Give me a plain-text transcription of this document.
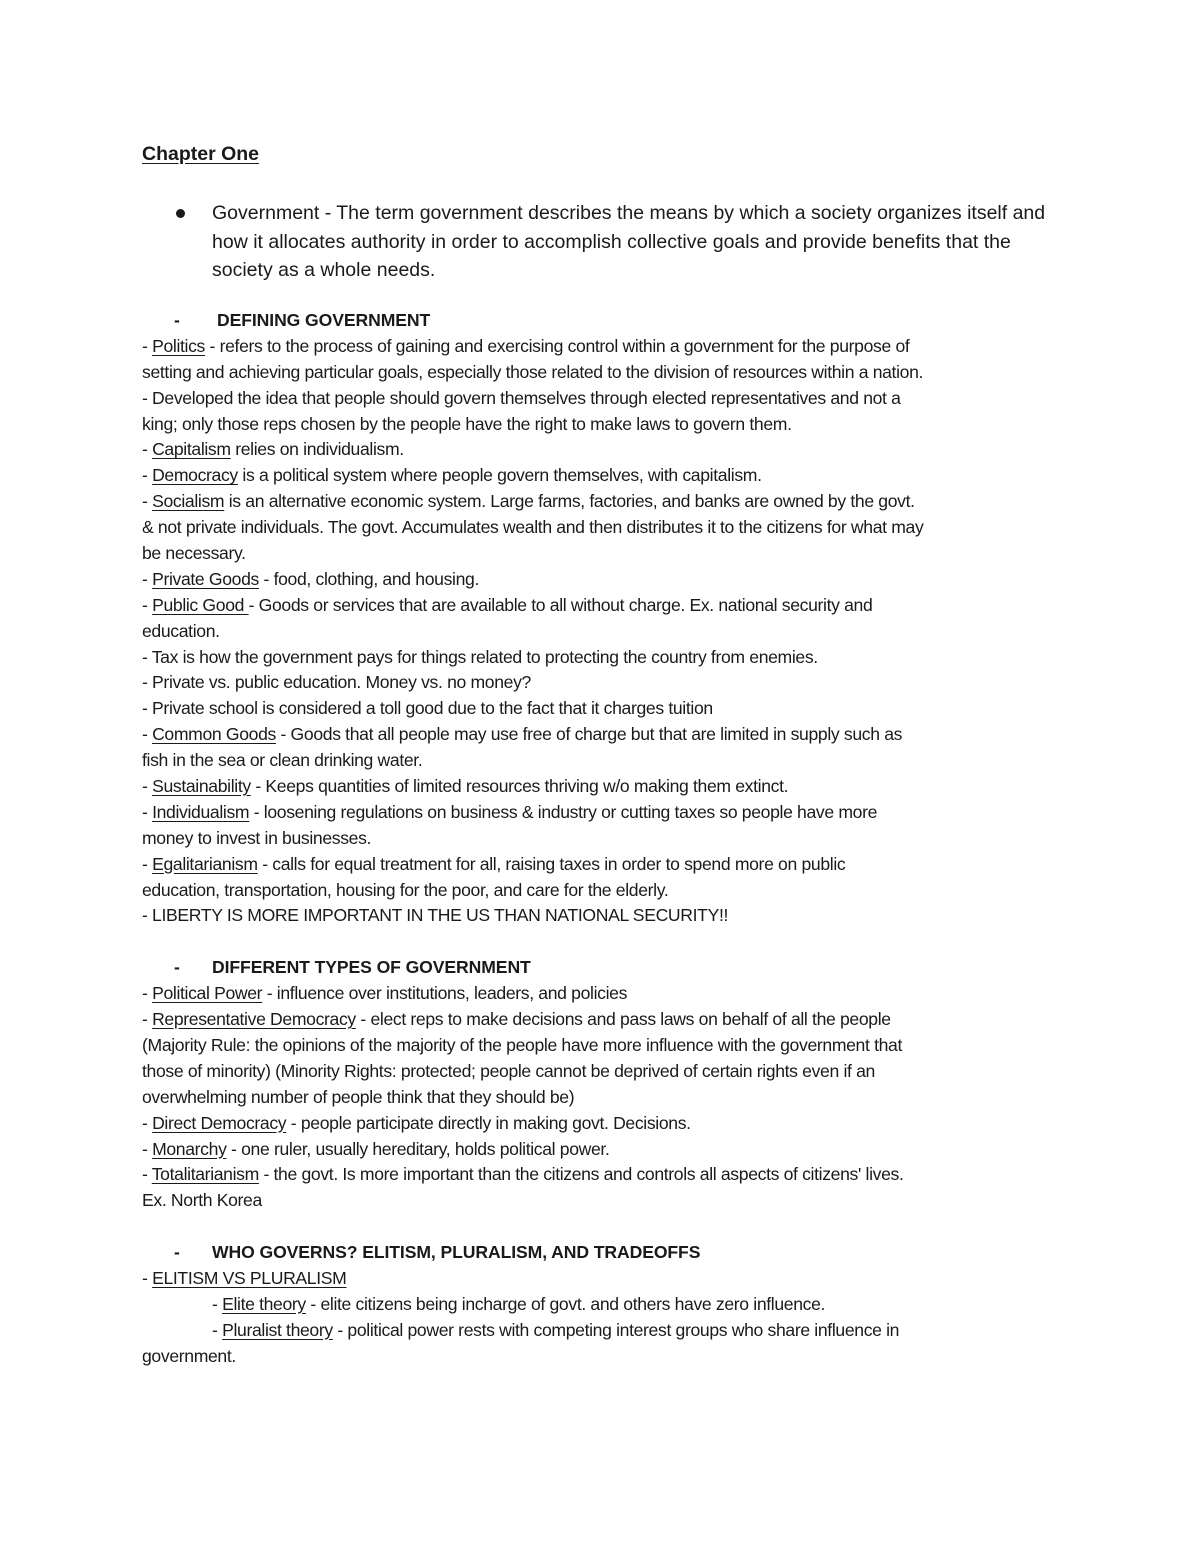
Chapter One
Government - The term government describes the means by which a society organizes itself and how it allocates authority in order to accomplish collective goals and provide benefits that the society as a whole needs.
- DEFINING GOVERNMENT
- Politics - refers to the process of gaining and exercising control within a government for the purpose of
setting and achieving particular goals, especially those related to the division of resources within a nation.
- Developed the idea that people should govern themselves through elected representatives and not a
king; only those reps chosen by the people have the right to make laws to govern them.
- Capitalism relies on individualism.
- Democracy is a political system where people govern themselves, with capitalism.
- Socialism is an alternative economic system. Large farms, factories, and banks are owned by the govt.
& not private individuals. The govt. Accumulates wealth and then distributes it to the citizens for what may
be necessary.
- Private Goods - food, clothing, and housing.
- Public Good - Goods or services that are available to all without charge. Ex. national security and
education.
- Tax is how the government pays for things related to protecting the country from enemies.
- Private vs. public education. Money vs. no money?
- Private school is considered a toll good due to the fact that it charges tuition
- Common Goods - Goods that all people may use free of charge but that are limited in supply such as
fish in the sea or clean drinking water.
- Sustainability - Keeps quantities of limited resources thriving w/o making them extinct.
- Individualism - loosening regulations on business & industry or cutting taxes so people have more
money to invest in businesses.
- Egalitarianism - calls for equal treatment for all, raising taxes in order to spend more on public
education, transportation, housing for the poor, and care for the elderly.
- LIBERTY IS MORE IMPORTANT IN THE US THAN NATIONAL SECURITY!!
- DIFFERENT TYPES OF GOVERNMENT
- Political Power - influence over institutions, leaders, and policies
- Representative Democracy - elect reps to make decisions and pass laws on behalf of all the people
(Majority Rule: the opinions of the majority of the people have more influence with the government that
those of minority) (Minority Rights: protected; people cannot be deprived of certain rights even if an
overwhelming number of people think that they should be)
- Direct Democracy - people participate directly in making govt. Decisions.
- Monarchy - one ruler, usually hereditary, holds political power.
- Totalitarianism - the govt. Is more important than the citizens and controls all aspects of citizens' lives.
Ex. North Korea
- WHO GOVERNS? ELITISM, PLURALISM, AND TRADEOFFS
- ELITISM VS PLURALISM
- Elite theory - elite citizens being incharge of govt. and others have zero influence.
- Pluralist theory - political power rests with competing interest groups who share influence in
government.
